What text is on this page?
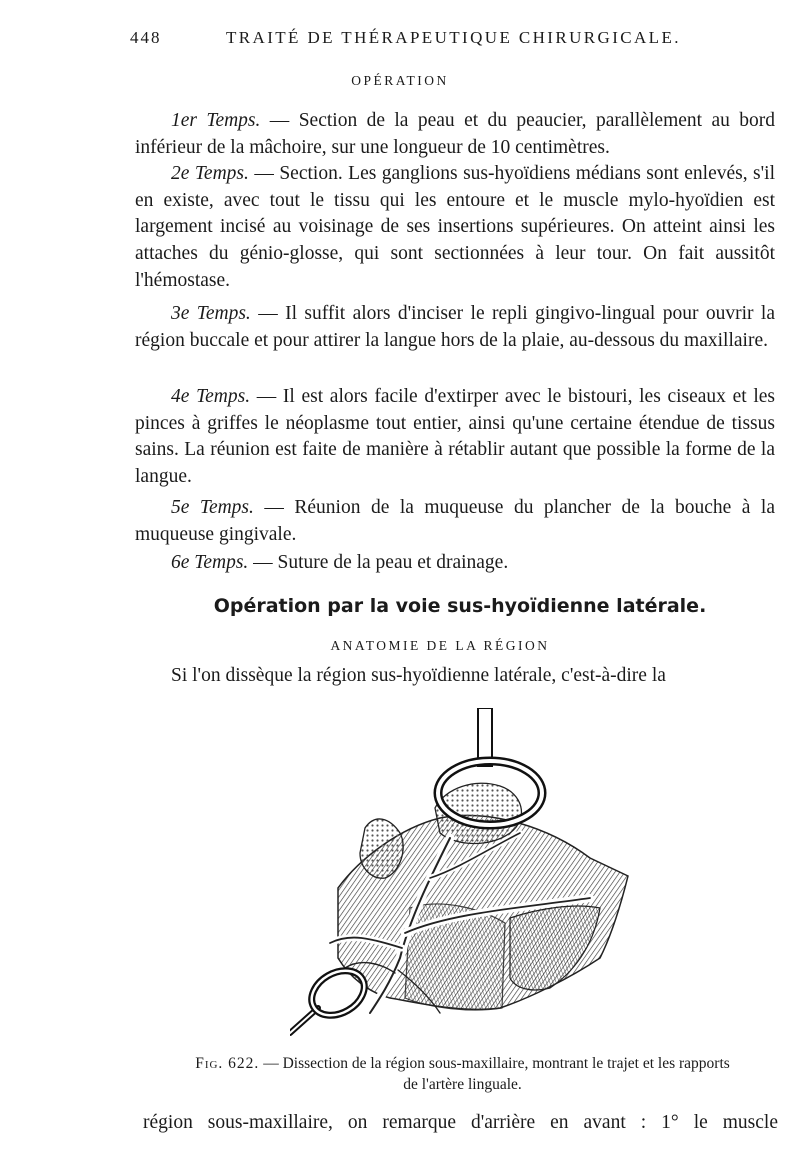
448	TRAITÉ DE THÉRAPEUTIQUE CHIRURGICALE.
OPÉRATION

1er Temps. — Section de la peau et du peaucier, parallèlement au bord inférieur de la mâchoire, sur une longueur de 10 centimètres.

2e Temps. — Section. Les ganglions sus-hyoïdiens médians sont enlevés, s'il en existe, avec tout le tissu qui les entoure et le muscle mylo-hyoïdien est largement incisé au voisinage de ses insertions supérieures. On atteint ainsi les attaches du génio-glosse, qui sont sectionnées à leur tour. On fait aussitôt l'hémostase.

3e Temps. — Il suffit alors d'inciser le repli gingivo-lingual pour ouvrir la région buccale et pour attirer la langue hors de la plaie, au-dessous du maxillaire.

4e Temps. — Il est alors facile d'extirper avec le bistouri, les ciseaux et les pinces à griffes le néoplasme tout entier, ainsi qu'une certaine étendue de tissus sains. La réunion est faite de manière à rétablir autant que possible la forme de la langue.

5e Temps. — Réunion de la muqueuse du plancher de la bouche à la muqueuse gingivale.

6e Temps. — Suture de la peau et drainage.

Opération par la voie sus-hyoïdienne latérale.
ANATOMIE DE LA RÉGION

Si l'on dissèque la région sus-hyoïdienne latérale, c'est-à-dire la

Fig. 622. — Dissection de la région sous-maxillaire, montrant le trajet et les rapports de l'artère linguale.
région sous-maxillaire, on remarque d'arrière en avant : 1° le muscle
